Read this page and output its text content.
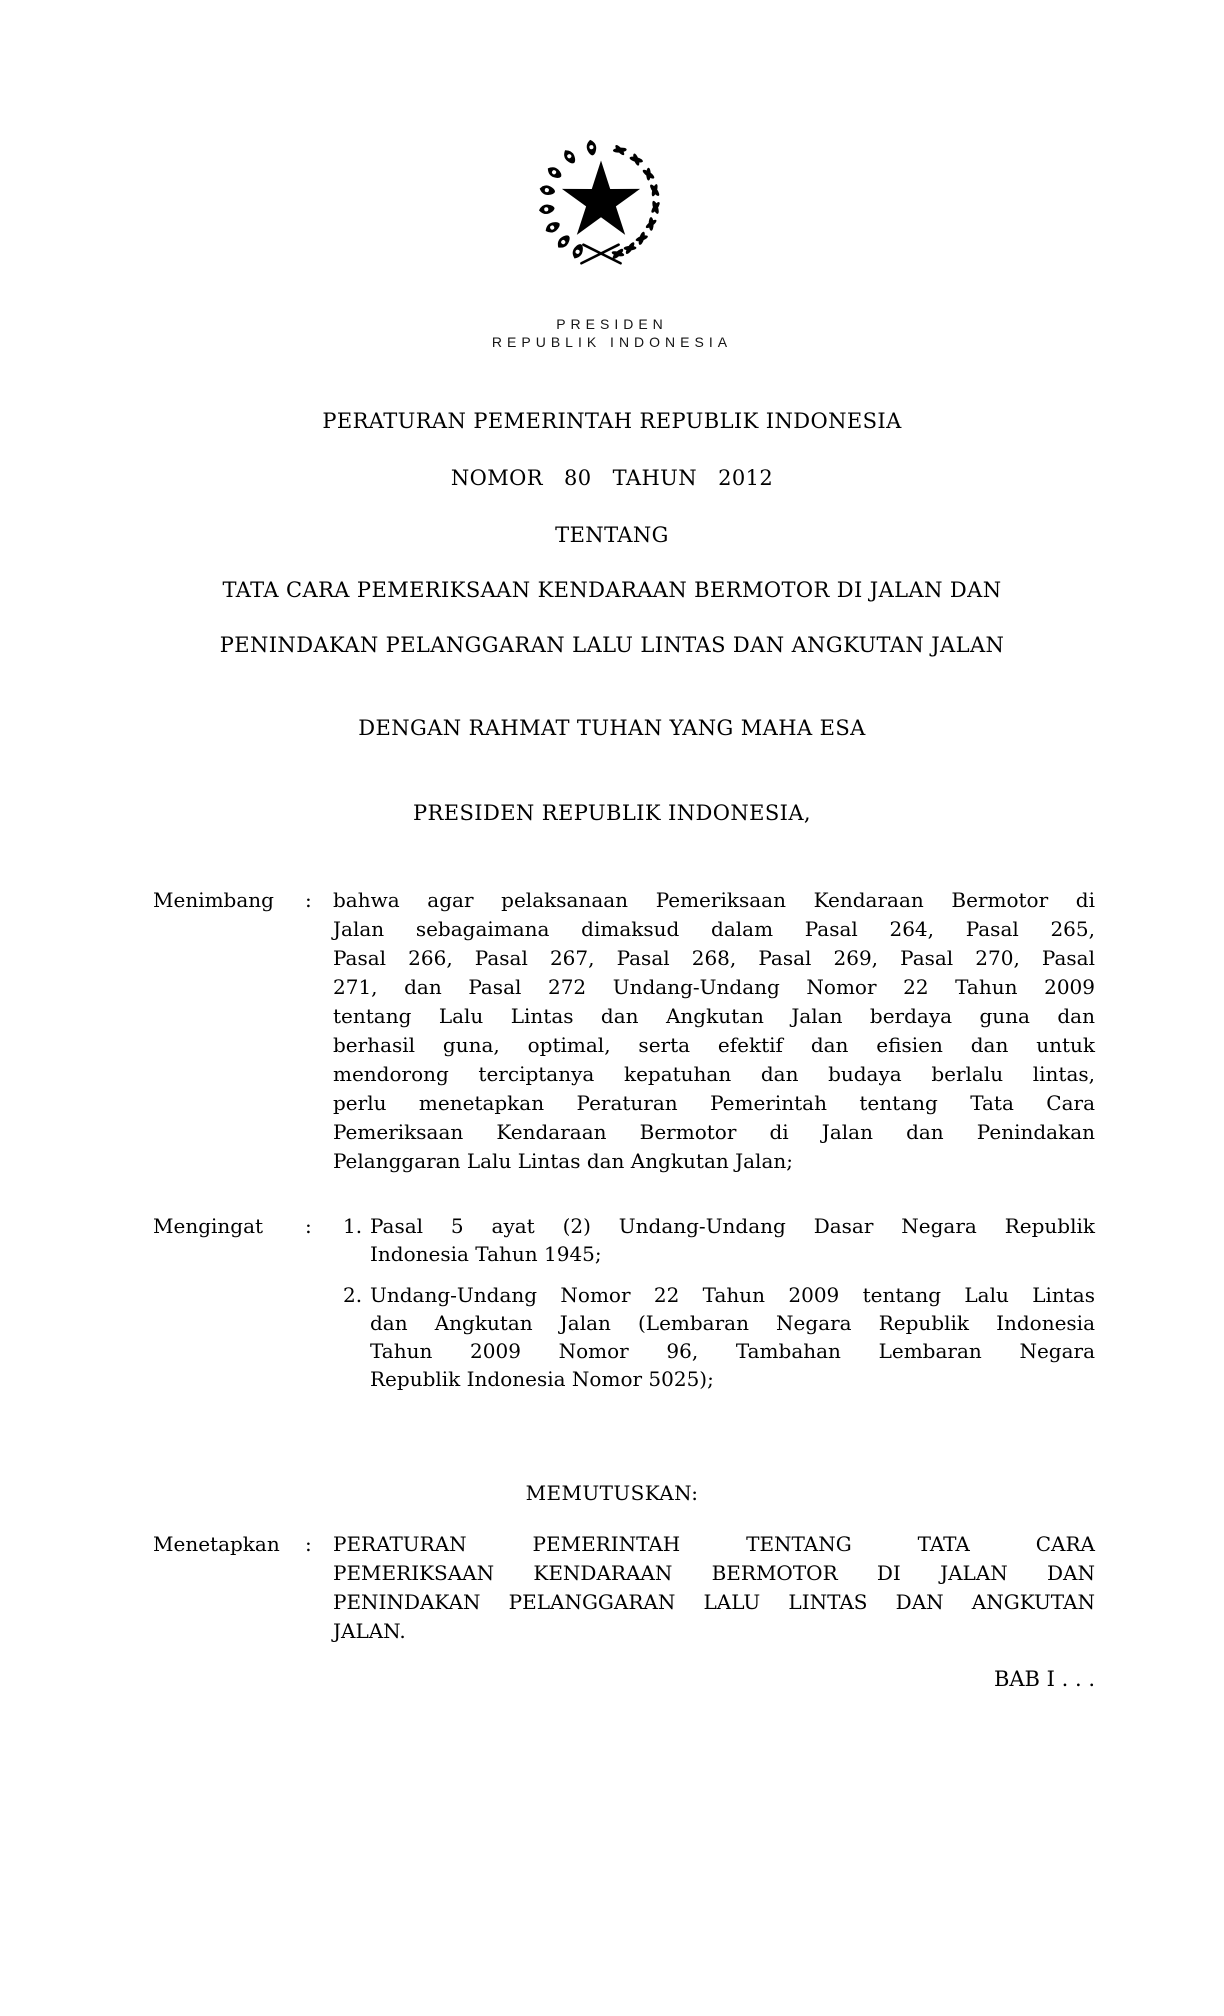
PRESIDEN
REPUBLIK INDONESIA
PERATURAN PEMERINTAH REPUBLIK INDONESIA
NOMOR 80 TAHUN 2012
TENTANG
TATA CARA PEMERIKSAAN KENDARAAN BERMOTOR DI JALAN DAN
PENINDAKAN PELANGGARAN LALU LINTAS DAN ANGKUTAN JALAN
DENGAN RAHMAT TUHAN YANG MAHA ESA
PRESIDEN REPUBLIK INDONESIA,
Menimbang : bahwa agar pelaksanaan Pemeriksaan Kendaraan Bermotor di
Jalan sebagaimana dimaksud dalam Pasal 264, Pasal 265,
Pasal 266, Pasal 267, Pasal 268, Pasal 269, Pasal 270, Pasal
271, dan Pasal 272 Undang-Undang Nomor 22 Tahun 2009
tentang Lalu Lintas dan Angkutan Jalan berdaya guna dan
berhasil guna, optimal, serta efektif dan efisien dan untuk
mendorong terciptanya kepatuhan dan budaya berlalu lintas,
perlu menetapkan Peraturan Pemerintah tentang Tata Cara
Pemeriksaan Kendaraan Bermotor di Jalan dan Penindakan
Pelanggaran Lalu Lintas dan Angkutan Jalan;
Mengingat : 1. Pasal 5 ayat (2) Undang-Undang Dasar Negara Republik
Indonesia Tahun 1945;
2. Undang-Undang Nomor 22 Tahun 2009 tentang Lalu Lintas
dan Angkutan Jalan (Lembaran Negara Republik Indonesia
Tahun 2009 Nomor 96, Tambahan Lembaran Negara
Republik Indonesia Nomor 5025);
MEMUTUSKAN:
Menetapkan : PERATURAN PEMERINTAH TENTANG TATA CARA
PEMERIKSAAN KENDARAAN BERMOTOR DI JALAN DAN
PENINDAKAN PELANGGARAN LALU LINTAS DAN ANGKUTAN
JALAN.
BAB I . . .
